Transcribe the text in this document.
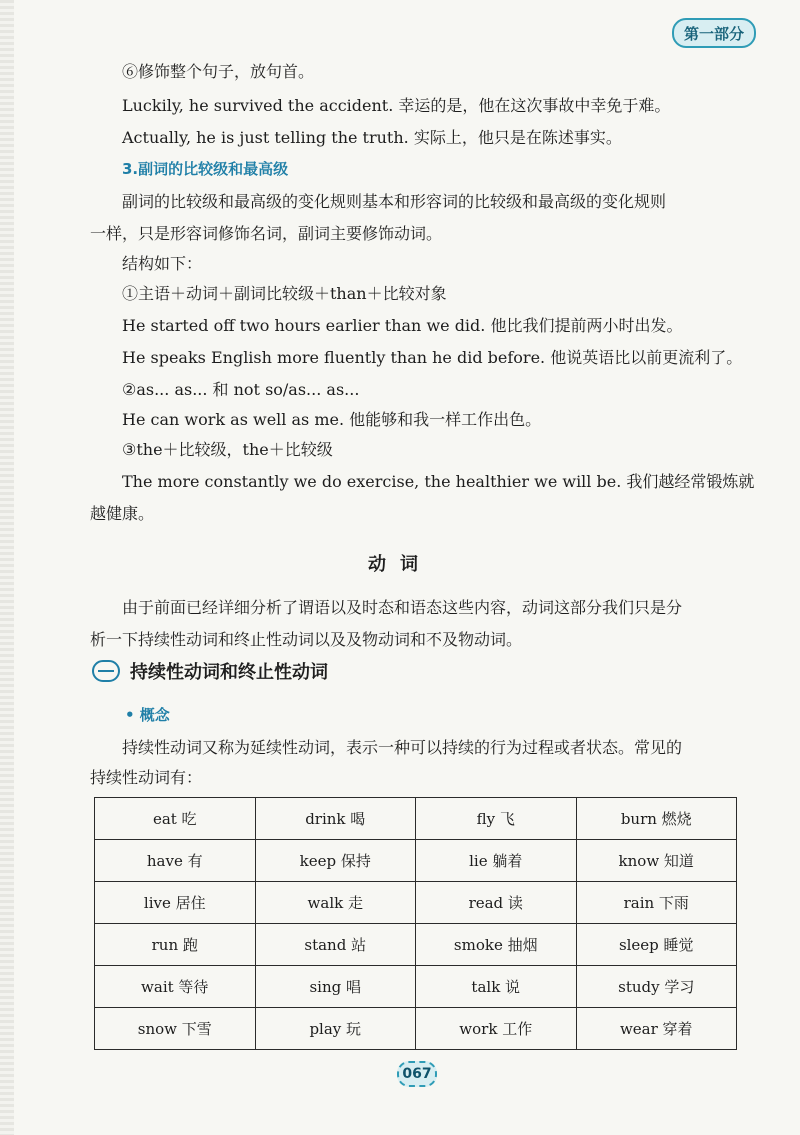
第一部分
⑥修饰整个句子，放句首。
Luckily, he survived the accident. 幸运的是，他在这次事故中幸免于难。
Actually, he is just telling the truth. 实际上，他只是在陈述事实。
3.副词的比较级和最高级
副词的比较级和最高级的变化规则基本和形容词的比较级和最高级的变化规则
一样，只是形容词修饰名词，副词主要修饰动词。
结构如下：
①主语＋动词＋副词比较级＋than＋比较对象
He started off two hours earlier than we did. 他比我们提前两小时出发。
He speaks English more fluently than he did before. 他说英语比以前更流利了。
②as... as... 和 not so/as... as...
He can work as well as me. 他能够和我一样工作出色。
③the＋比较级，the＋比较级
The more constantly we do exercise, the healthier we will be. 我们越经常锻炼就
越健康。
动词
由于前面已经详细分析了谓语以及时态和语态这些内容，动词这部分我们只是分
析一下持续性动词和终止性动词以及及物动词和不及物动词。
持续性动词和终止性动词
• 概念
持续性动词又称为延续性动词，表示一种可以持续的行为过程或者状态。常见的
持续性动词有：
eat 吃	drink 喝	fly 飞	burn 燃烧
have 有	keep 保持	lie 躺着	know 知道
live 居住	walk 走	read 读	rain 下雨
run 跑	stand 站	smoke 抽烟	sleep 睡觉
wait 等待	sing 唱	talk 说	study 学习
snow 下雪	play 玩	work 工作	wear 穿着
067
